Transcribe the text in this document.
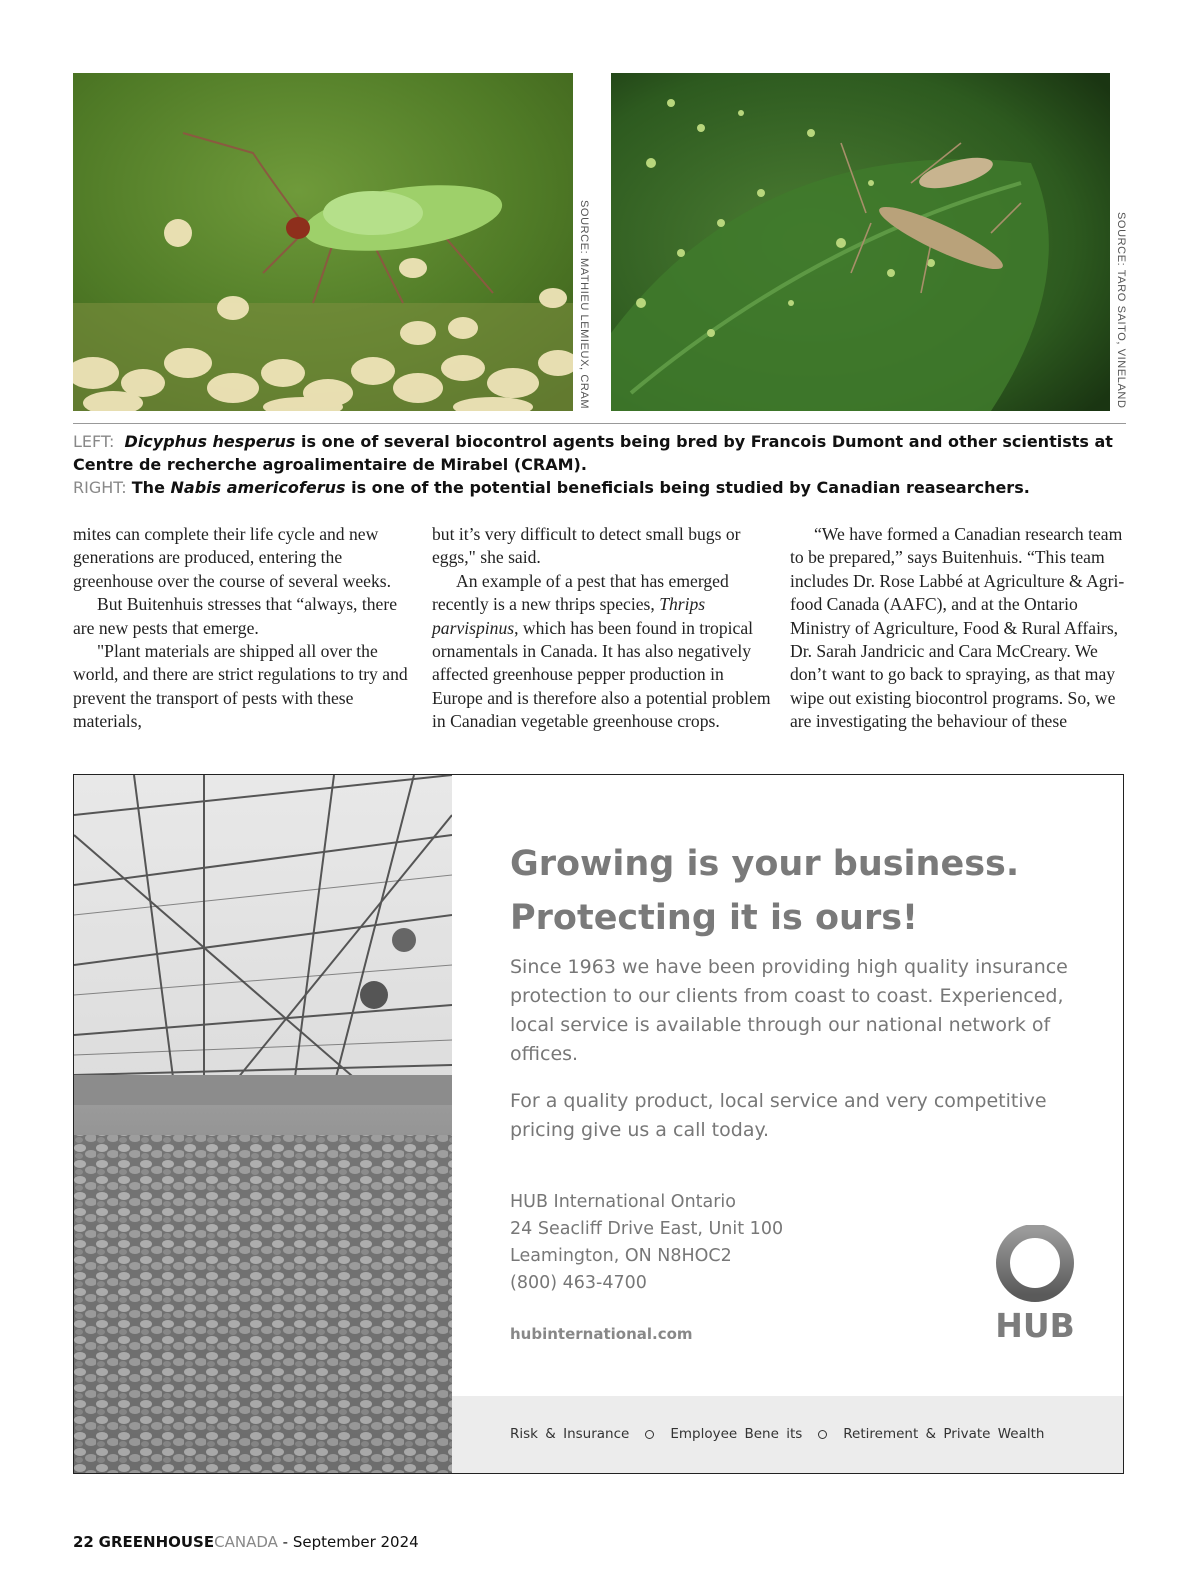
SOURCE: MATHIEU LEMIEUX, CRAM	SOURCE: TARO SAITO, VINELAND
LEFT: Dicyphus hesperus is one of several biocontrol agents being bred by Francois Dumont and other scientists at Centre de recherche agroalimentaire de Mirabel (CRAM).
RIGHT: The Nabis americoferus is one of the potential beneficials being studied by Canadian reasearchers.

mites can complete their life cycle and new generations are produced, entering the greenhouse over the course of several weeks.

But Buitenhuis stresses that “always, there are new pests that emerge.

"Plant materials are shipped all over the world, and there are strict regulations to try and prevent the transport of pests with these materials,

but it’s very difficult to detect small bugs or eggs," she said.

An example of a pest that has emerged recently is a new thrips species, Thrips parvispinus, which has been found in tropical ornamentals in Canada. It has also negatively affected greenhouse pepper production in Europe and is therefore also a potential problem in Canadian vegetable greenhouse crops.

“We have formed a Canadian research team to be prepared,” says Buitenhuis. “This team includes Dr. Rose Labbé at Agriculture & Agri-food Canada (AAFC), and at the Ontario Ministry of Agriculture, Food & Rural Affairs, Dr. Sarah Jandricic and Cara McCreary. We don’t want to go back to spraying, as that may wipe out existing biocontrol programs. So, we are investigating the behaviour of these

Growing is your business.
Protecting it is ours!
Since 1963 we have been providing high quality insurance protection to our clients from coast to coast. Experienced, local service is available through our national network of offices.
For a quality product, local service and very competitive pricing give us a call today.
HUB International Ontario
24 Seacliff Drive East, Unit 100
Leamington, ON N8HOC2
(800) 463-4700
hubinternational.com	HUB
Risk & Insurance	Employee Bene its	Retirement & Private Wealth
22 GREENHOUSECANADA - September 2024
